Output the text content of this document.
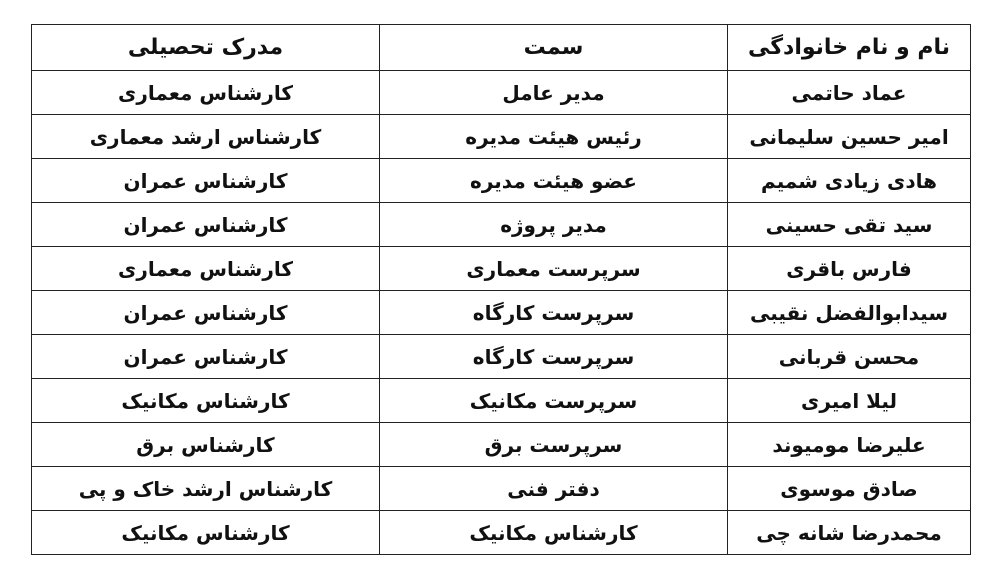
نام و نام خانوادگی	سمت	مدرک تحصیلی
عماد حاتمی	مدیر عامل	کارشناس معماری
امیر حسین سلیمانی	رئیس هیئت مدیره	کارشناس ارشد معماری
هادی زیادی شمیم	عضو هیئت مدیره	کارشناس عمران
سید تقی حسینی	مدیر پروژه	کارشناس عمران
فارس باقری	سرپرست معماری	کارشناس معماری
سیدابوالفضل نقیبی	سرپرست کارگاه	کارشناس عمران
محسن قربانی	سرپرست کارگاه	کارشناس عمران
لیلا امیری	سرپرست مکانیک	کارشناس مکانیک
علیرضا مومیوند	سرپرست برق	کارشناس برق
صادق موسوی	دفتر فنی	کارشناس ارشد خاک و پی
محمدرضا شانه چی	کارشناس مکانیک	کارشناس مکانیک
